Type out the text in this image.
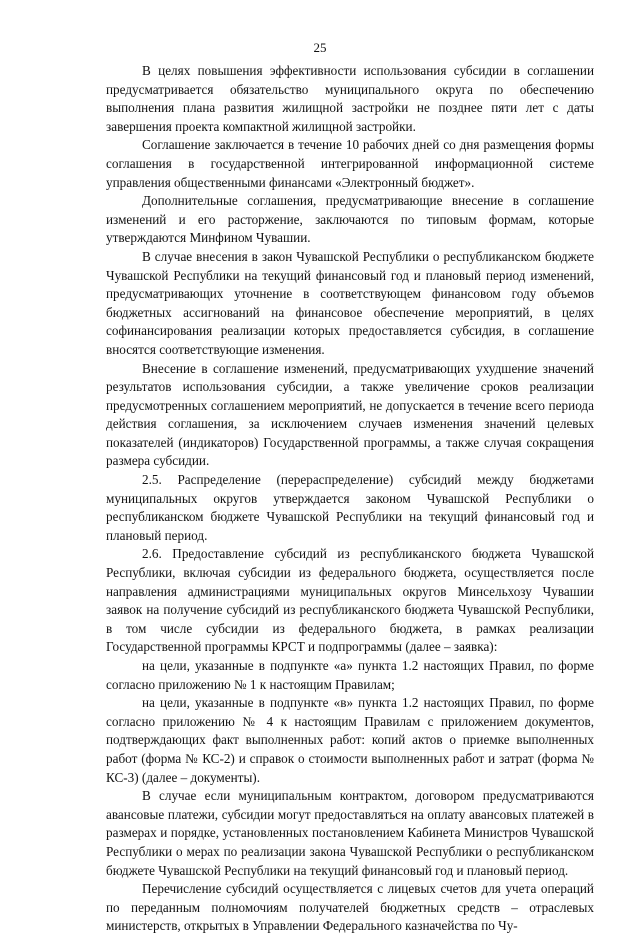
25

В целях повышения эффективности использования субсидии в соглашении предусматривается обязательство муниципального округа по обеспечению выполнения плана развития жилищной застройки не позднее пяти лет с даты завершения проекта компактной жилищной застройки.

Соглашение заключается в течение 10 рабочих дней со дня размещения формы соглашения в государственной интегрированной информационной системе управления общественными финансами «Электронный бюджет».

Дополнительные соглашения, предусматривающие внесение в соглашение изменений и его расторжение, заключаются по типовым формам, которые утверждаются Минфином Чувашии.

В случае внесения в закон Чувашской Республики о республиканском бюджете Чувашской Республики на текущий финансовый год и плановый период изменений, предусматривающих уточнение в соответствующем финансовом году объемов бюджетных ассигнований на финансовое обеспечение мероприятий, в целях софинансирования реализации которых предоставляется субсидия, в соглашение вносятся соответствующие изменения.

Внесение в соглашение изменений, предусматривающих ухудшение значений результатов использования субсидии, а также увеличение сроков реализации предусмотренных соглашением мероприятий, не допускается в течение всего периода действия соглашения, за исключением случаев изменения значений целевых показателей (индикаторов) Государственной программы, а также случая сокращения размера субсидии.

2.5. Распределение (перераспределение) субсидий между бюджетами муниципальных округов утверждается законом Чувашской Республики о республиканском бюджете Чувашской Республики на текущий финансовый год и плановый период.

2.6. Предоставление субсидий из республиканского бюджета Чувашской Республики, включая субсидии из федерального бюджета, осуществляется после направления администрациями муниципальных округов Минсельхозу Чувашии заявок на получение субсидий из республиканского бюджета Чувашской Республики, в том числе субсидии из федерального бюджета, в рамках реализации Государственной программы КРСТ и подпрограммы (далее – заявка):

на цели, указанные в подпункте «а» пункта 1.2 настоящих Правил, по форме согласно приложению № 1 к настоящим Правилам;

на цели, указанные в подпункте «в» пункта 1.2 настоящих Правил, по форме согласно приложению № 4 к настоящим Правилам с приложением документов, подтверждающих факт выполненных работ: копий актов о приемке выполненных работ (форма № КС-2) и справок о стоимости выполненных работ и затрат (форма № КС-3) (далее – документы).

В случае если муниципальным контрактом, договором предусматриваются авансовые платежи, субсидии могут предоставляться на оплату авансовых платежей в размерах и порядке, установленных постановлением Кабинета Министров Чувашской Республики о мерах по реализации закона Чувашской Республики о республиканском бюджете Чувашской Республики на текущий финансовый год и плановый период.

Перечисление субсидий осуществляется с лицевых счетов для учета операций по переданным полномочиям получателей бюджетных средств – отраслевых министерств, открытых в Управлении Федерального казначейства по Чу-
